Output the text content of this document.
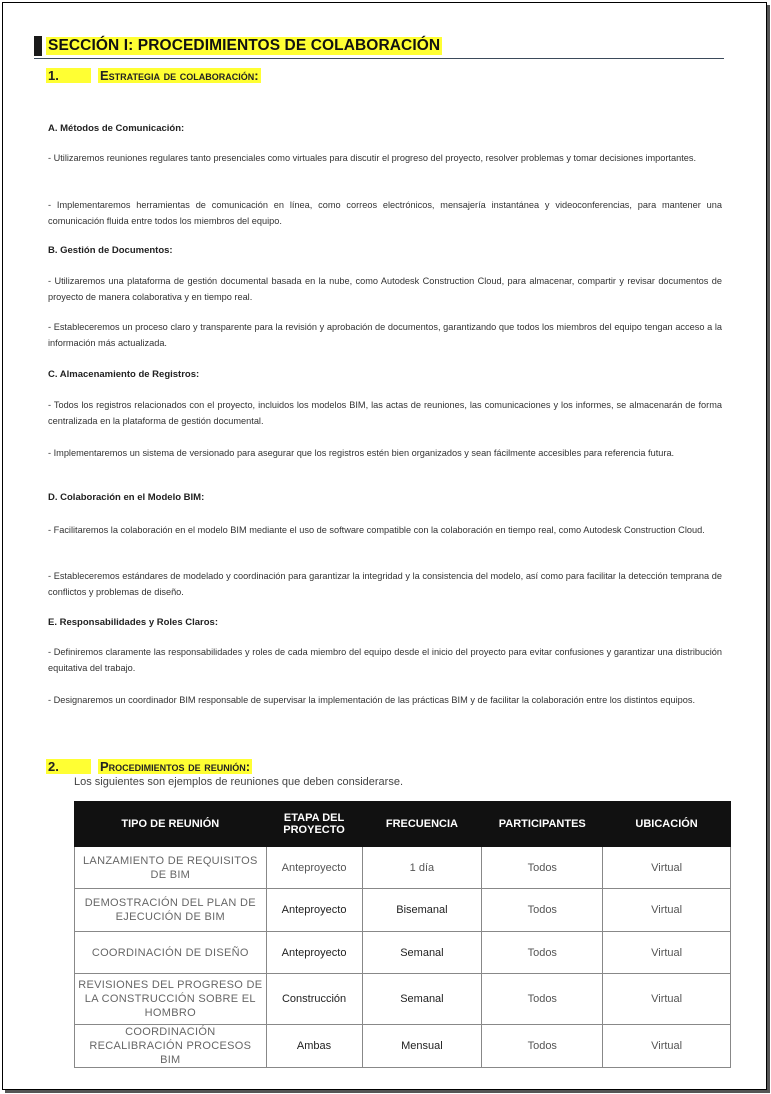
SECCIÓN I: PROCEDIMIENTOS DE COLABORACIÓN
1.	Estrategia de colaboración:
A. Métodos de Comunicación:
- Utilizaremos reuniones regulares tanto presenciales como virtuales para discutir el progreso del proyecto, resolver problemas y tomar decisiones importantes.
- Implementaremos herramientas de comunicación en línea, como correos electrónicos, mensajería instantánea y videoconferencias, para mantener una comunicación fluida entre todos los miembros del equipo.
B. Gestión de Documentos:
- Utilizaremos una plataforma de gestión documental basada en la nube, como Autodesk Construction Cloud, para almacenar, compartir y revisar documentos de proyecto de manera colaborativa y en tiempo real.
- Estableceremos un proceso claro y transparente para la revisión y aprobación de documentos, garantizando que todos los miembros del equipo tengan acceso a la información más actualizada.
C. Almacenamiento de Registros:
- Todos los registros relacionados con el proyecto, incluidos los modelos BIM, las actas de reuniones, las comunicaciones y los informes, se almacenarán de forma centralizada en la plataforma de gestión documental.
- Implementaremos un sistema de versionado para asegurar que los registros estén bien organizados y sean fácilmente accesibles para referencia futura.
D. Colaboración en el Modelo BIM:
- Facilitaremos la colaboración en el modelo BIM mediante el uso de software compatible con la colaboración en tiempo real, como Autodesk Construction Cloud.
- Estableceremos estándares de modelado y coordinación para garantizar la integridad y la consistencia del modelo, así como para facilitar la detección temprana de conflictos y problemas de diseño.
E. Responsabilidades y Roles Claros:
- Definiremos claramente las responsabilidades y roles de cada miembro del equipo desde el inicio del proyecto para evitar confusiones y garantizar una distribución equitativa del trabajo.
- Designaremos un coordinador BIM responsable de supervisar la implementación de las prácticas BIM y de facilitar la colaboración entre los distintos equipos.
2.	Procedimientos de reunión:
Los siguientes son ejemplos de reuniones que deben considerarse.
TIPO DE REUNIÓN	ETAPA DEL PROYECTO	FRECUENCIA	PARTICIPANTES	UBICACIÓN
LANZAMIENTO DE REQUISITOS DE BIM	Anteproyecto	1 día	Todos	Virtual
DEMOSTRACIÓN DEL PLAN DE EJECUCIÓN DE BIM	Anteproyecto	Bisemanal	Todos	Virtual
COORDINACIÓN DE DISEÑO	Anteproyecto	Semanal	Todos	Virtual
REVISIONES DEL PROGRESO DE LA CONSTRUCCIÓN SOBRE EL HOMBRO	Construcción	Semanal	Todos	Virtual
COORDINACIÓN RECALIBRACIÓN PROCESOS BIM	Ambas	Mensual	Todos	Virtual
